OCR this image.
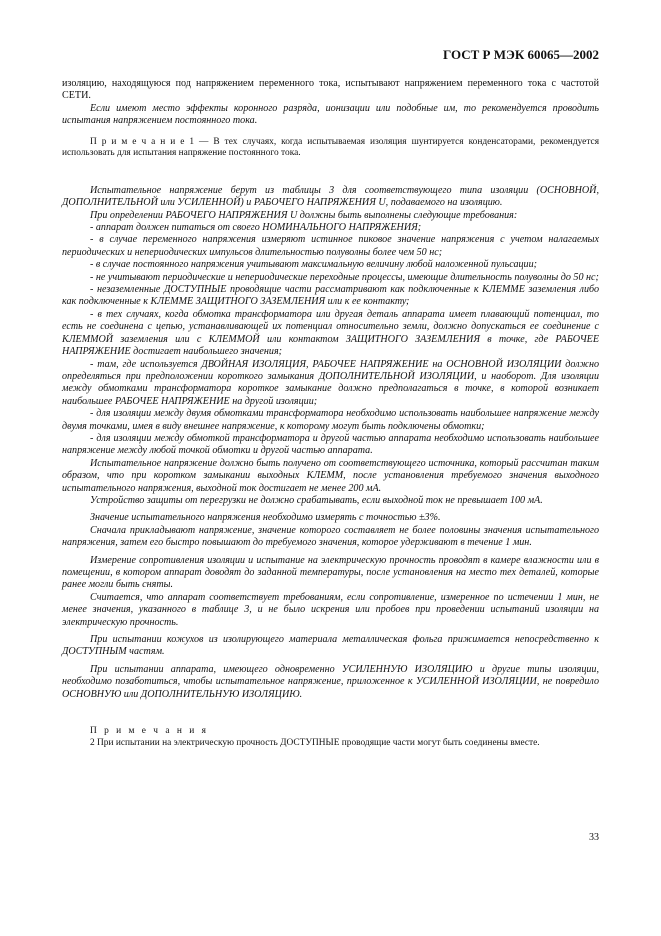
ГОСТ Р МЭК 60065—2002

изоляцию, находящуюся под напряжением переменного тока, испытывают напряжением переменного тока с частотой СЕТИ.

Если имеют место эффекты коронного разряда, ионизации или подобные им, то рекомендуется проводить испытания напряжением постоянного тока.

П р и м е ч а н и е 1 — В тех случаях, когда испытываемая изоляция шунтируется конденсаторами, рекомендуется использовать для испытания напряжение постоянного тока.

Испытательное напряжение берут из таблицы 3 для соответствующего типа изоляции (ОСНОВНОЙ, ДОПОЛНИТЕЛЬНОЙ или УСИЛЕННОЙ) и РАБОЧЕГО НАПРЯЖЕНИЯ U, подаваемого на изоляцию.

При определении РАБОЧЕГО НАПРЯЖЕНИЯ U должны быть выполнены следующие требования:

- аппарат должен питаться от своего НОМИНАЛЬНОГО НАПРЯЖЕНИЯ;

- в случае переменного напряжения измеряют истинное пиковое значение напряжения с учетом налагаемых периодических и непериодических импульсов длительностью полуволны более чем 50 нс;

- в случае постоянного напряжения учитывают максимальную величину любой наложенной пульсации;

- не учитывают периодические и непериодические переходные процессы, имеющие длительность полуволны до 50 нс;

- незаземленные ДОСТУПНЫЕ проводящие части рассматривают как подключенные к КЛЕММЕ заземления либо как подключенные к КЛЕММЕ ЗАЩИТНОГО ЗАЗЕМЛЕНИЯ или к ее контакту;

- в тех случаях, когда обмотка трансформатора или другая деталь аппарата имеет плавающий потенциал, то есть не соединена с цепью, устанавливающей их потенциал относительно земли, должно допускаться ее соединение с КЛЕММОЙ заземления или с КЛЕММОЙ или контактом ЗАЩИТНОГО ЗАЗЕМЛЕНИЯ в точке, где РАБОЧЕЕ НАПРЯЖЕНИЕ достигает наибольшего значения;

- там, где используется ДВОЙНАЯ ИЗОЛЯЦИЯ, РАБОЧЕЕ НАПРЯЖЕНИЕ на ОСНОВНОЙ ИЗОЛЯЦИИ должно определяться при предположении короткого замыкания ДОПОЛНИТЕЛЬНОЙ ИЗОЛЯЦИИ, и наоборот. Для изоляции между обмотками трансформатора короткое замыкание должно предполагаться в точке, в которой возникает наибольшее РАБОЧЕЕ НАПРЯЖЕНИЕ на другой изоляции;

- для изоляции между двумя обмотками трансформатора необходимо использовать наибольшее напряжение между двумя точками, имея в виду внешнее напряжение, к которому могут быть подключены обмотки;

- для изоляции между обмоткой трансформатора и другой частью аппарата необходимо использовать наибольшее напряжение между любой точкой обмотки и другой частью аппарата.

Испытательное напряжение должно быть получено от соответствующего источника, который рассчитан таким образом, что при коротком замыкании выходных КЛЕММ, после установления требуемого значения выходного испытательного напряжения, выходной ток достигает не менее 200 мА.

Устройство защиты от перегрузки не должно срабатывать, если выходной ток не превышает 100 мА.

Значение испытательного напряжения необходимо измерять с точностью ±3%.

Сначала прикладывают напряжение, значение которого составляет не более половины значения испытательного напряжения, затем его быстро повышают до требуемого значения, которое удерживают в течение 1 мин.

Измерение сопротивления изоляции и испытание на электрическую прочность проводят в камере влажности или в помещении, в котором аппарат доводят до заданной температуры, после установления на место тех деталей, которые ранее могли быть сняты.

Считается, что аппарат соответствует требованиям, если сопротивление, измеренное по истечении 1 мин, не менее значения, указанного в таблице 3, и не было искрения или пробоев при проведении испытаний изоляции на электрическую прочность.

При испытании кожухов из изолирующего материала металлическая фольга прижимается непосредственно к ДОСТУПНЫМ частям.

При испытании аппарата, имеющего одновременно УСИЛЕННУЮ ИЗОЛЯЦИЮ и другие типы изоляции, необходимо позаботиться, чтобы испытательное напряжение, приложенное к УСИЛЕННОЙ ИЗОЛЯЦИИ, не повредило ОСНОВНУЮ или ДОПОЛНИТЕЛЬНУЮ ИЗОЛЯЦИЮ.

П р и м е ч а н и я

2 При испытании на электрическую прочность ДОСТУПНЫЕ проводящие части могут быть соединены вместе.

33
